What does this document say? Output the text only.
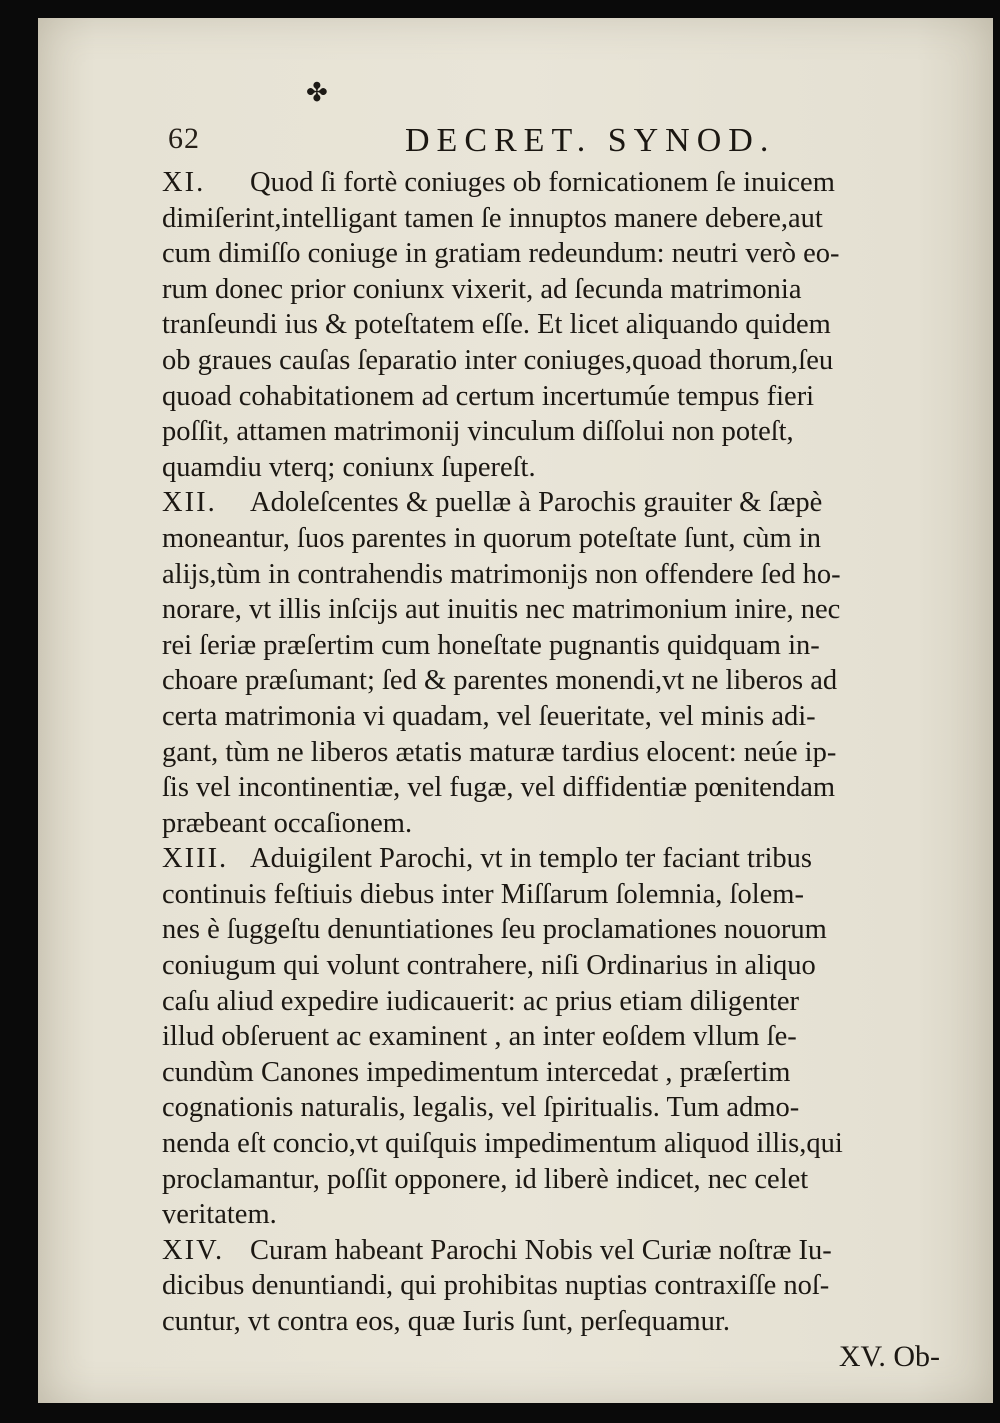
✤
62	DECRET. SYNOD.
XI. Quod ſi fortè coniuges ob fornicationem ſe inuicem
dimiſerint,intelligant tamen ſe innuptos manere debere,aut
cum dimiſſo coniuge in gratiam redeundum: neutri verò eo-
rum donec prior coniunx vixerit, ad ſecunda matrimonia
tranſeundi ius & poteſtatem eſſe. Et licet aliquando quidem
ob graues cauſas ſeparatio inter coniuges,quoad thorum,ſeu
quoad cohabitationem ad certum incertumúe tempus fieri
poſſit, attamen matrimonij vinculum diſſolui non poteſt,
quamdiu vterq; coniunx ſupereſt.
XII. Adoleſcentes & puellæ à Parochis grauiter & ſæpè
moneantur, ſuos parentes in quorum poteſtate ſunt, cùm in
alijs,tùm in contrahendis matrimonijs non offendere ſed ho-
norare, vt illis inſcijs aut inuitis nec matrimonium inire, nec
rei ſeriæ præſertim cum honeſtate pugnantis quidquam in-
choare præſumant; ſed & parentes monendi,vt ne liberos ad
certa matrimonia vi quadam, vel ſeueritate, vel minis adi-
gant, tùm ne liberos ætatis maturæ tardius elocent: neúe ip-
ſis vel incontinentiæ, vel fugæ, vel diffidentiæ pœnitendam
præbeant occaſionem.
XIII. Aduigilent Parochi, vt in templo ter faciant tribus
continuis feſtiuis diebus inter Miſſarum ſolemnia, ſolem-
nes è ſuggeſtu denuntiationes ſeu proclamationes nouorum
coniugum qui volunt contrahere, niſi Ordinarius in aliquo
caſu aliud expedire iudicauerit: ac prius etiam diligenter
illud obſeruent ac examinent , an inter eoſdem vllum ſe-
cundùm Canones impedimentum intercedat , præſertim
cognationis naturalis, legalis, vel ſpiritualis. Tum admo-
nenda eſt concio,vt quiſquis impedimentum aliquod illis,qui
proclamantur, poſſit opponere, id liberè indicet, nec celet
veritatem.
XIV. Curam habeant Parochi Nobis vel Curiæ noſtræ Iu-
dicibus denuntiandi, qui prohibitas nuptias contraxiſſe noſ-
cuntur, vt contra eos, quæ Iuris ſunt, perſequamur.
XV. Ob-
